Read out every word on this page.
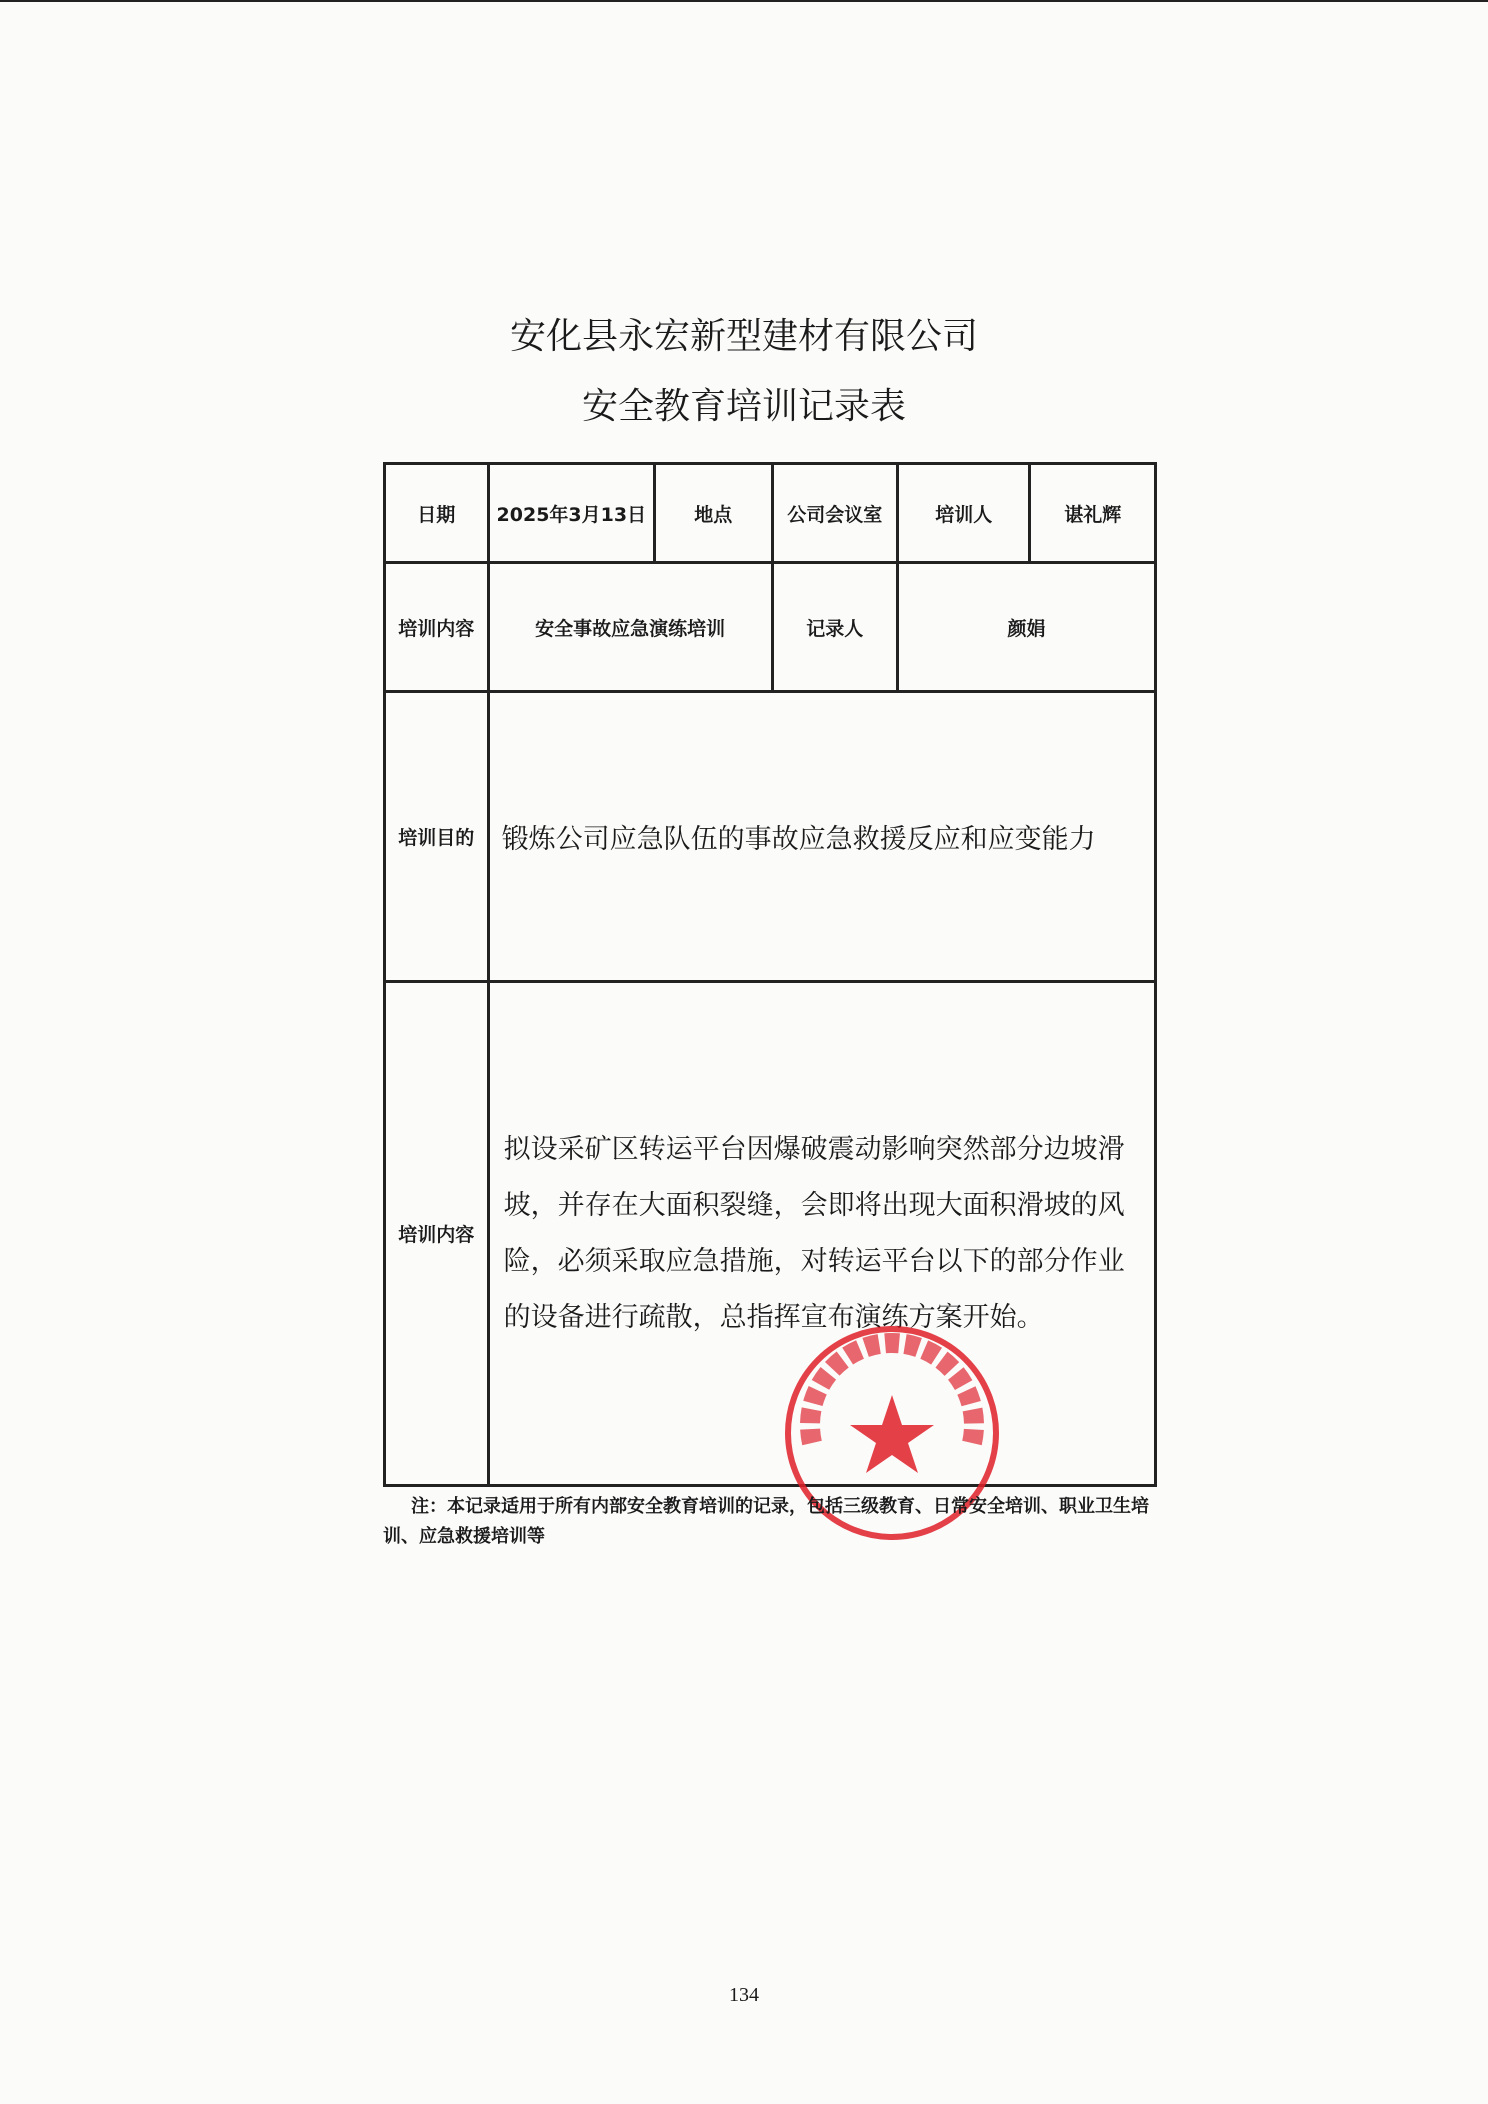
安化县永宏新型建材有限公司
安全教育培训记录表
日期	2025年3月13日	地点	公司会议室	培训人	谌礼辉
培训内容	安全事故应急演练培训		记录人	颜娟	
培训目的	锻炼公司应急队伍的事故应急救援反应和应变能力				
培训内容	拟设采矿区转运平台因爆破震动影响突然部分边坡滑坡，并存在大面积裂缝，会即将出现大面积滑坡的风险，必须采取应急措施，对转运平台以下的部分作业的设备进行疏散，总指挥宣布演练方案开始。				
注：本记录适用于所有内部安全教育培训的记录，包括三级教育、日常安全培训、职业卫生培训、应急救援培训等
134
